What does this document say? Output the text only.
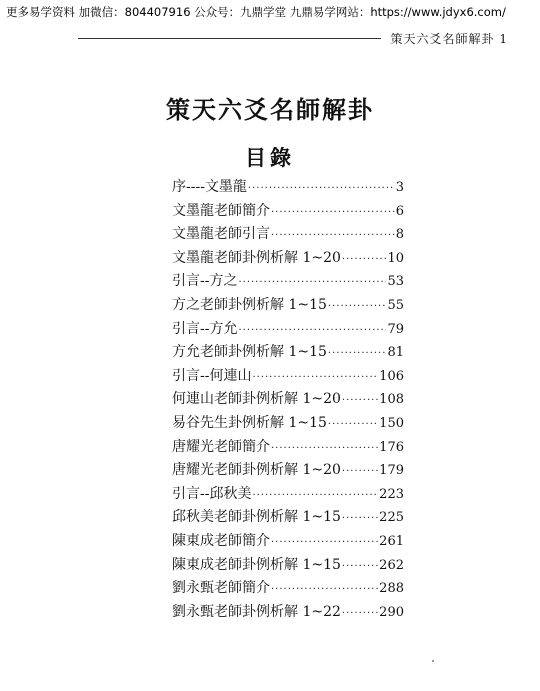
更多易学资料 加微信：804407916 公众号：九鼎学堂 九鼎易学网站：https://www.jdyx6.com/
策天六爻名師解卦 1
策天六爻名師解卦
目錄
序----文墨龍 ·····	3
文墨龍老師簡介 ·····	6
文墨龍老師引言 ·····	8
文墨龍老師卦例析解 1~20 ·····	10
引言--方之 ·····	53
方之老師卦例析解 1~15 ·····	55
引言--方允 ·····	79
方允老師卦例析解 1~15 ·····	81
引言--何連山 ·····	106
何連山老師卦例析解 1~20 ·····	108
易谷先生卦例析解 1~15 ·····	150
唐耀光老師簡介 ·····	176
唐耀光老師卦例析解 1~20 ·····	179
引言--邱秋美 ·····	223
邱秋美老師卦例析解 1~15 ·····	225
陳東成老師簡介 ·····	261
陳東成老師卦例析解 1~15 ·····	262
劉永甄老師簡介 ·····	288
劉永甄老師卦例析解 1~22 ·····	290
